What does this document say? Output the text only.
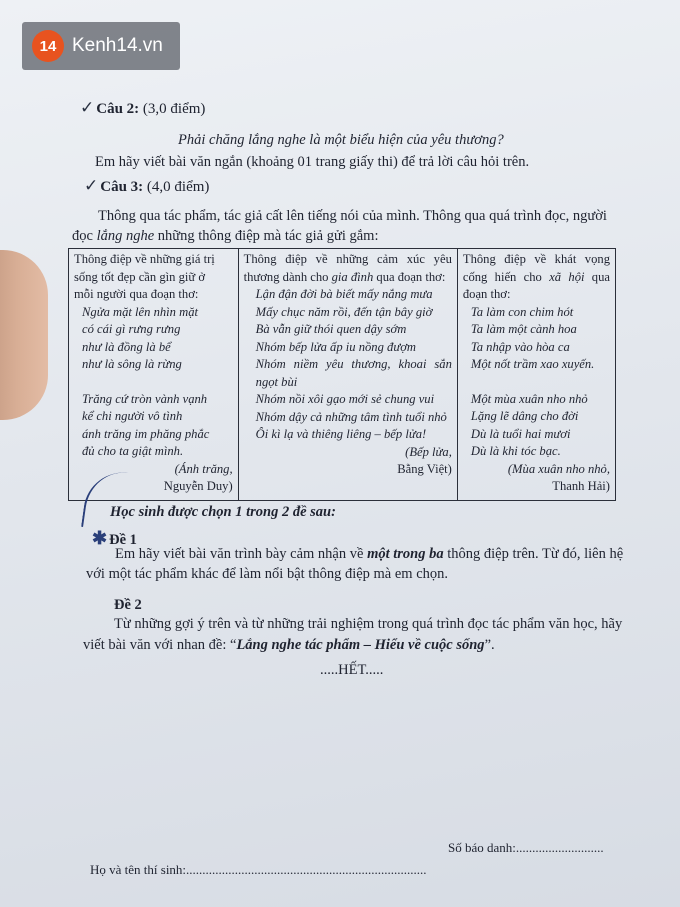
14 Kenh14.vn
✓ Câu 2: (3,0 điểm)
Phải chăng lắng nghe là một biểu hiện của yêu thương?
Em hãy viết bài văn ngắn (khoảng 01 trang giấy thi) để trả lời câu hỏi trên.
✓ Câu 3: (4,0 điểm)
Thông qua tác phẩm, tác giả cất lên tiếng nói của mình. Thông qua quá trình đọc, người
đọc lắng nghe những thông điệp mà tác giả gửi gắm:
Thông điệp về những giá trị
sống tốt đẹp cần gìn giữ ở
mỗi người qua đoạn thơ:
Ngửa mặt lên nhìn mặt
có cái gì rưng rưng
như là đồng là bể
như là sông là rừng
Trăng cứ tròn vành vạnh
kể chi người vô tình
ánh trăng im phăng phắc
đủ cho ta giật mình.
(Ánh trăng,
Nguyễn Duy)

Thông điệp về những cảm xúc yêu thương dành cho gia đình qua đoạn thơ:
Lận đận đời bà biết mấy nắng mưa
Mấy chục năm rồi, đến tận bây giờ
Bà vẫn giữ thói quen dậy sớm
Nhóm bếp lửa ấp iu nồng đượm
Nhóm niềm yêu thương, khoai sắn ngọt bùi
Nhóm nồi xôi gạo mới sẻ chung vui
Nhóm dậy cả những tâm tình tuổi nhỏ
Ôi kì lạ và thiêng liêng – bếp lửa!
(Bếp lửa,
Bằng Việt)

Thông điệp về khát vọng cống hiến cho xã hội qua đoạn thơ:
Ta làm con chim hót
Ta làm một cành hoa
Ta nhập vào hòa ca
Một nốt trầm xao xuyến.
Một mùa xuân nho nhỏ
Lặng lẽ dâng cho đời
Dù là tuổi hai mươi
Dù là khi tóc bạc.
(Mùa xuân nho nhỏ,
Thanh Hải)
Học sinh được chọn 1 trong 2 đề sau:
✱ Đề 1
Em hãy viết bài văn trình bày cảm nhận về một trong ba thông điệp trên. Từ đó, liên hệ
với một tác phẩm khác để làm nổi bật thông điệp mà em chọn.
Đề 2
Từ những gợi ý trên và từ những trải nghiệm trong quá trình đọc tác phẩm văn học, hãy
viết bài văn với nhan đề: “Lắng nghe tác phẩm – Hiểu về cuộc sống”.
.....HẾT.....
Họ và tên thí sinh:..........................................................................
Số báo danh:...........................
